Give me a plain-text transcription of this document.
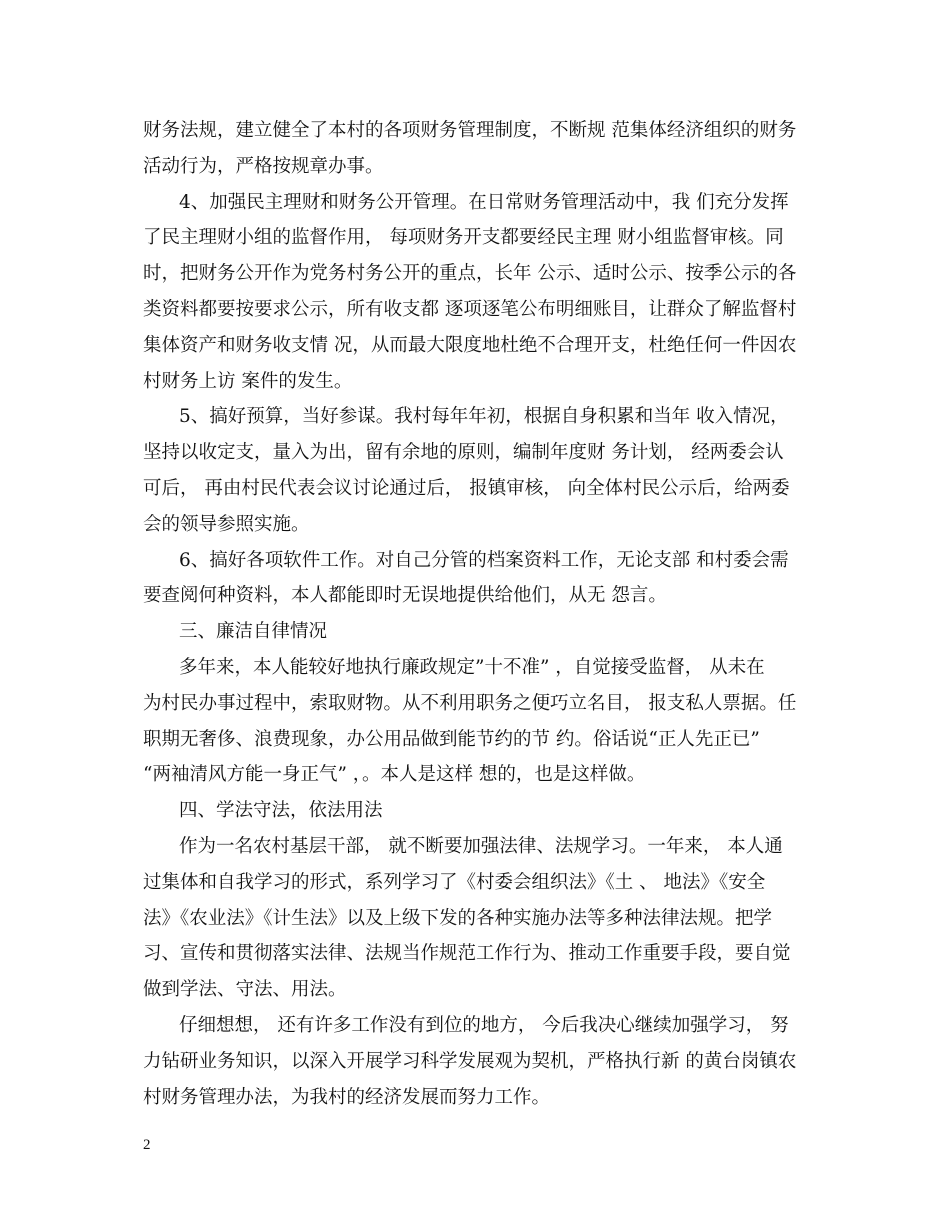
财务法规，建立健全了本村的各项财务管理制度，不断规 范集体经济组织的财务
活动行为，严格按规章办事。
4、加强民主理财和财务公开管理。在日常财务管理活动中，我 们充分发挥
了民主理财小组的监督作用， 每项财务开支都要经民主理 财小组监督审核。同
时，把财务公开作为党务村务公开的重点，长年 公示、适时公示、按季公示的各
类资料都要按要求公示，所有收支都 逐项逐笔公布明细账目，让群众了解监督村
集体资产和财务收支情 况，从而最大限度地杜绝不合理开支，杜绝任何一件因农
村财务上访 案件的发生。
5、搞好预算，当好参谋。我村每年年初，根据自身积累和当年 收入情况，
坚持以收定支，量入为出，留有余地的原则，编制年度财 务计划， 经两委会认
可后， 再由村民代表会议讨论通过后， 报镇审核， 向全体村民公示后，给两委
会的领导参照实施。
6、搞好各项软件工作。对自己分管的档案资料工作，无论支部 和村委会需
要查阅何种资料，本人都能即时无误地提供给他们，从无 怨言。
三、廉洁自律情况
多年来，本人能较好地执行廉政规定”十不准” ，自觉接受监督， 从未在
为村民办事过程中，索取财物。从不利用职务之便巧立名目， 报支私人票据。任
职期无奢侈、浪费现象，办公用品做到能节约的节 约。俗话说“正人先正已”
“两袖清风方能一身正气” ，。本人是这样 想的，也是这样做。
四、学法守法，依法用法
作为一名农村基层干部， 就不断要加强法律、法规学习。一年来， 本人通
过集体和自我学习的形式，系列学习了《村委会组织法》《土 、 地法》《安全
法》《农业法》《计生法》以及上级下发的各种实施办法等多种法律法规。把学
习、宣传和贯彻落实法律、法规当作规范工作行为、推动工作重要手段，要自觉
做到学法、守法、用法。
仔细想想， 还有许多工作没有到位的地方， 今后我决心继续加强学习， 努
力钻研业务知识，以深入开展学习科学发展观为契机，严格执行新 的黄台岗镇农
村财务管理办法，为我村的经济发展而努力工作。
2
